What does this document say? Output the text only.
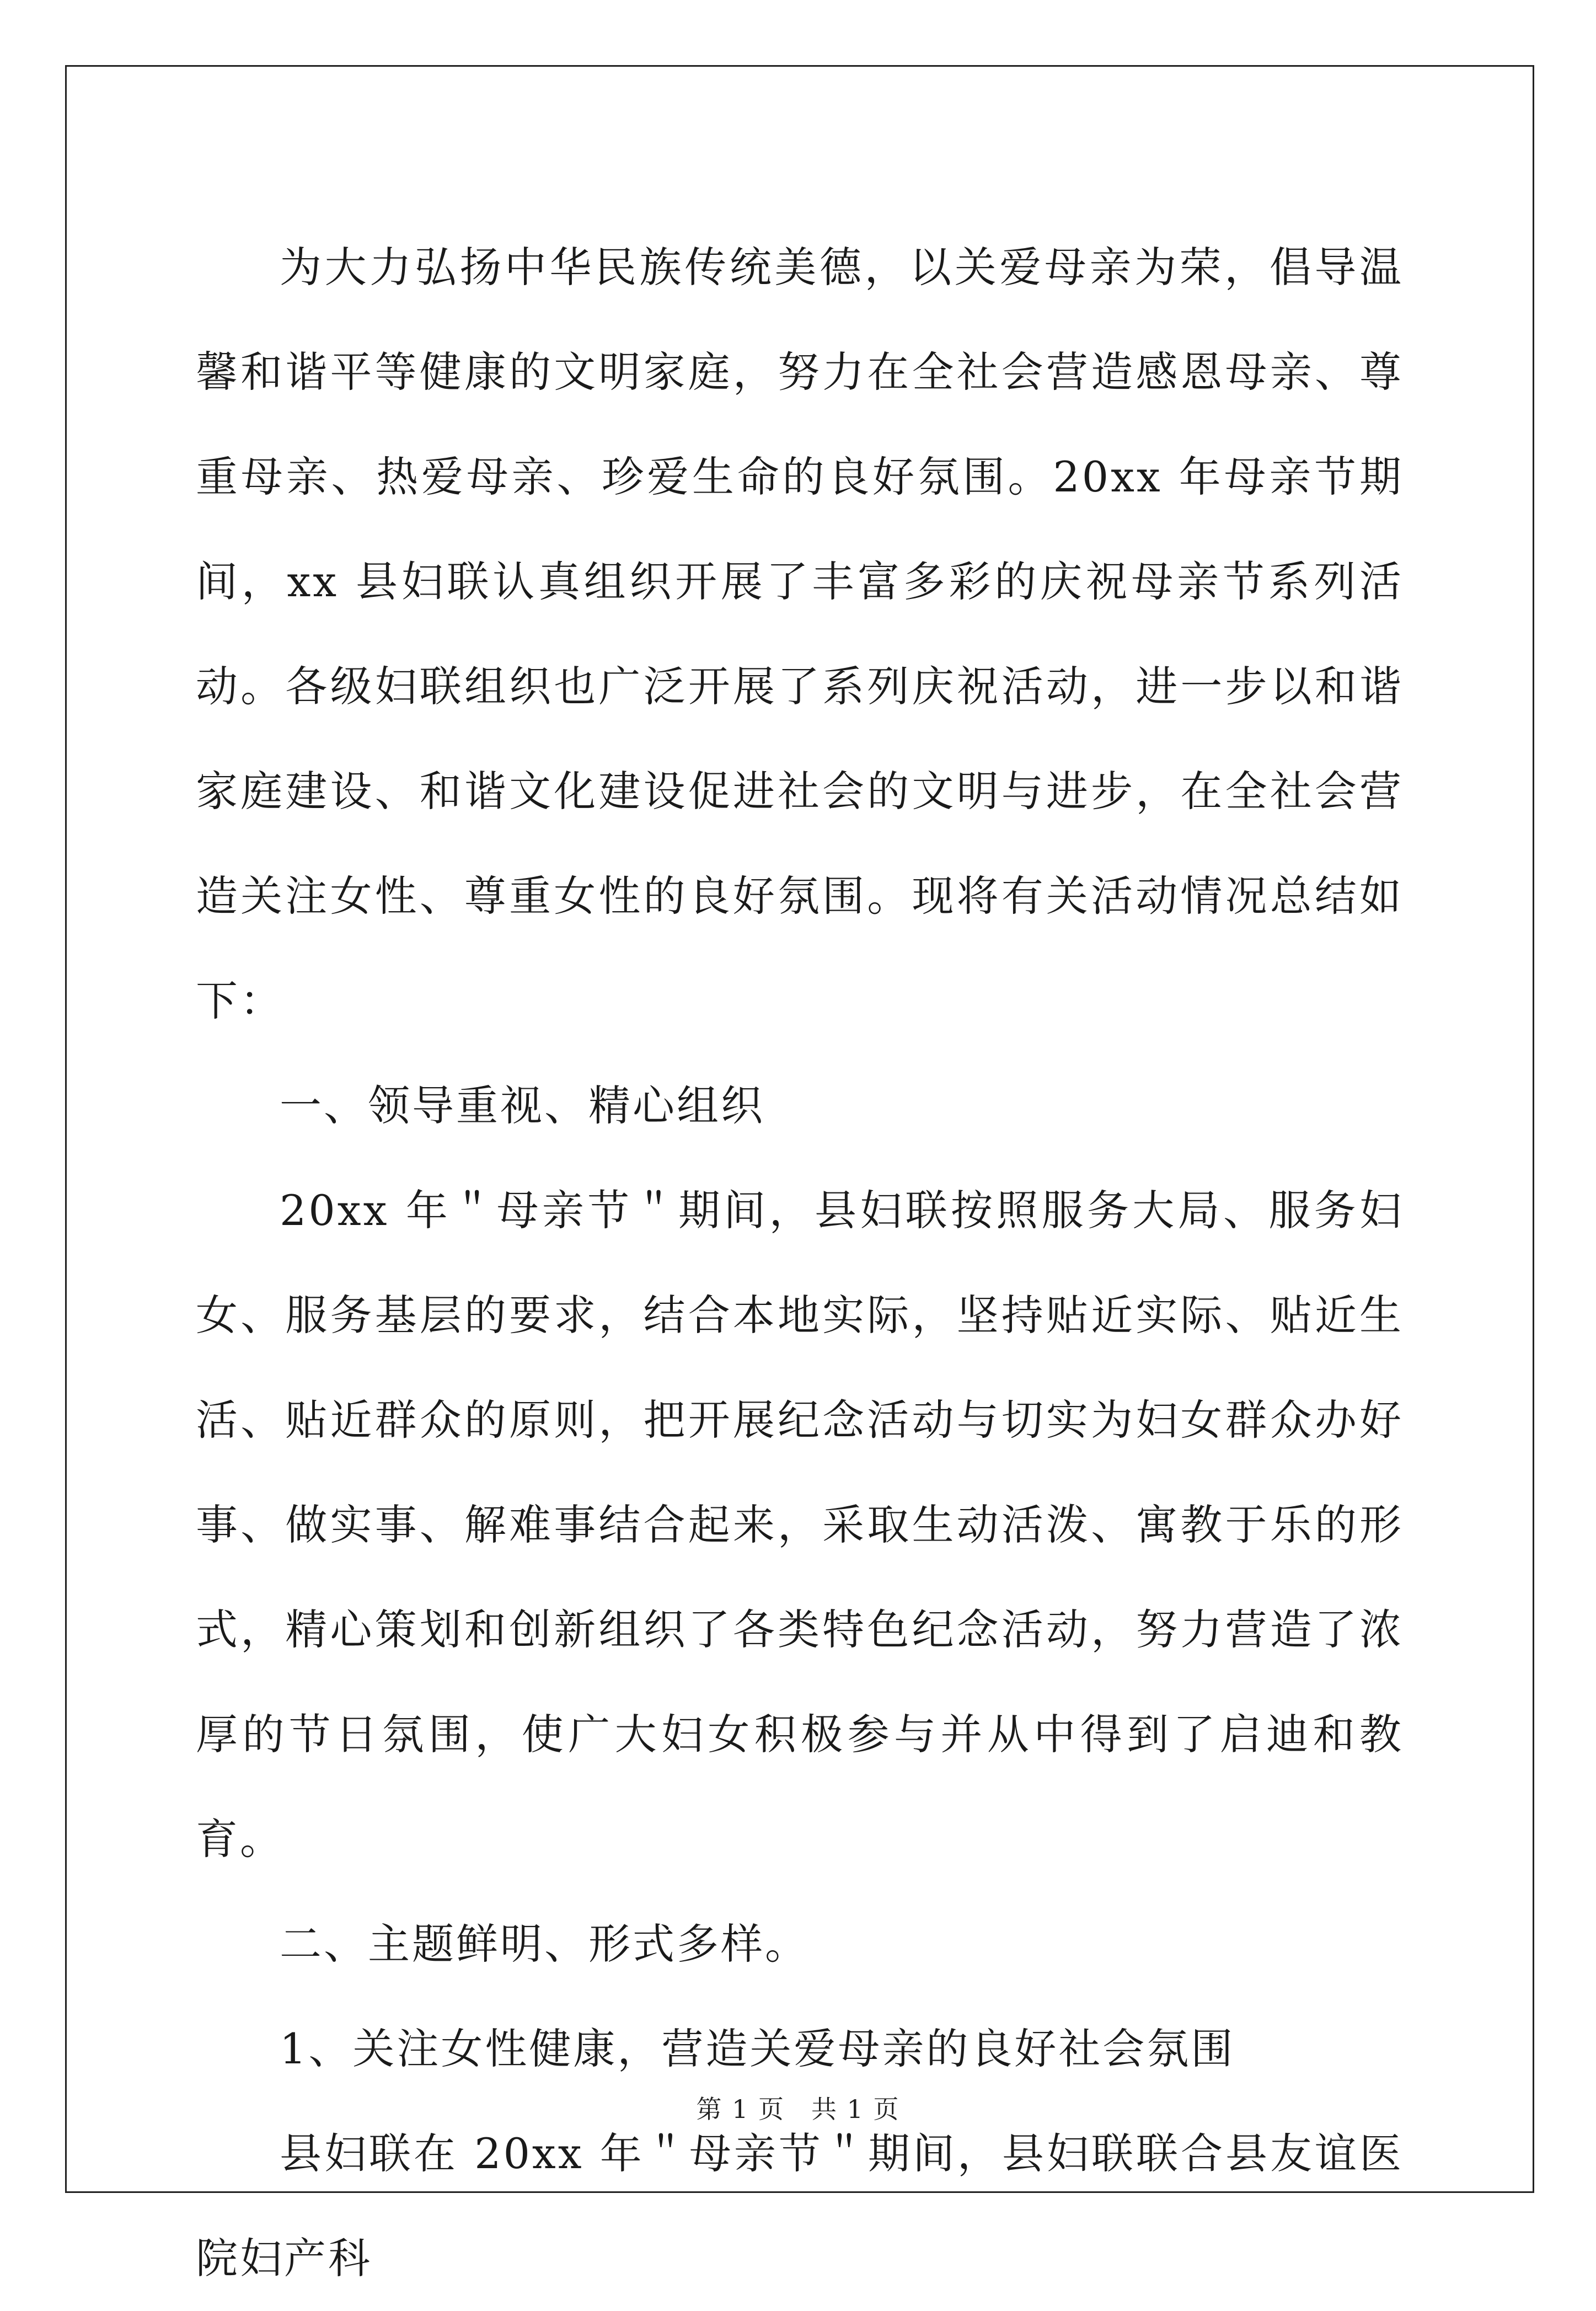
为大力弘扬中华民族传统美德，以关爱母亲为荣，倡导温馨和谐平等健康的文明家庭，努力在全社会营造感恩母亲、尊重母亲、热爱母亲、珍爱生命的良好氛围。20xx 年母亲节期间，xx 县妇联认真组织开展了丰富多彩的庆祝母亲节系列活动。各级妇联组织也广泛开展了系列庆祝活动，进一步以和谐家庭建设、和谐文化建设促进社会的文明与进步，在全社会营造关注女性、尊重女性的良好氛围。现将有关活动情况总结如下：

一、领导重视、精心组织

20xx 年＂母亲节＂期间，县妇联按照服务大局、服务妇女、服务基层的要求，结合本地实际，坚持贴近实际、贴近生活、贴近群众的原则，把开展纪念活动与切实为妇女群众办好事、做实事、解难事结合起来，采取生动活泼、寓教于乐的形式，精心策划和创新组织了各类特色纪念活动，努力营造了浓厚的节日氛围，使广大妇女积极参与并从中得到了启迪和教育。

二、主题鲜明、形式多样。

1、关注女性健康，营造关爱母亲的良好社会氛围

县妇联在 20xx 年＂母亲节＂期间，县妇联联合县友谊医院妇产科

第 1 页　共 1 页
